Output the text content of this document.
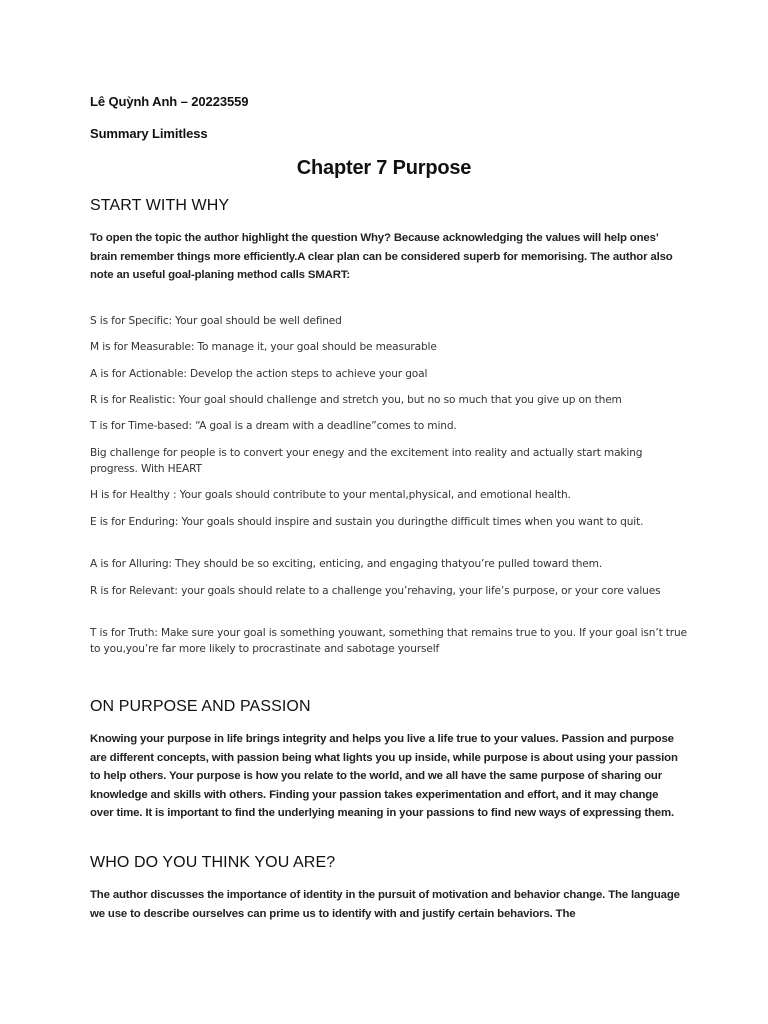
Lê Quỳnh Anh – 20223559
Summary Limitless
Chapter 7 Purpose
START WITH WHY
To open the topic the author highlight the question Why? Because acknowledging the values will help ones’ brain remember things more efficiently.A clear plan can be considered superb for memorising. The author also note an useful goal-planing method calls SMART:
S is for Specific: Your goal should be well defined
M is for Measurable: To manage it, your goal should be measurable
A is for Actionable: Develop the action steps to achieve your goal
R is for Realistic: Your goal should challenge and stretch you, but no so much that you give up on them
T is for Time-based: “A goal is a dream with a deadline”comes to mind.
Big challenge for people is to convert your enegy and the excitement into reality and actually start making progress. With HEART
H is for Healthy : Your goals should contribute to your mental,physical, and emotional health.
E is for Enduring: Your goals should inspire and sustain you duringthe difficult times when you want to quit.
A is for Alluring: They should be so exciting, enticing, and engaging thatyou’re pulled toward them.
R is for Relevant: your goals should relate to a challenge you’rehaving, your life’s purpose, or your core values
T is for Truth: Make sure your goal is something youwant, something that remains true to you. If your goal isn’t true to you,you’re far more likely to procrastinate and sabotage yourself
ON PURPOSE AND PASSION
Knowing your purpose in life brings integrity and helps you live a life true to your values. Passion and purpose are different concepts, with passion being what lights you up inside, while purpose is about using your passion to help others. Your purpose is how you relate to the world, and we all have the same purpose of sharing our knowledge and skills with others. Finding your passion takes experimentation and effort, and it may change over time. It is important to find the underlying meaning in your passions to find new ways of expressing them.
WHO DO YOU THINK YOU ARE?
The author discusses the importance of identity in the pursuit of motivation and behavior change. The language we use to describe ourselves can prime us to identify with and justify certain behaviors. The
